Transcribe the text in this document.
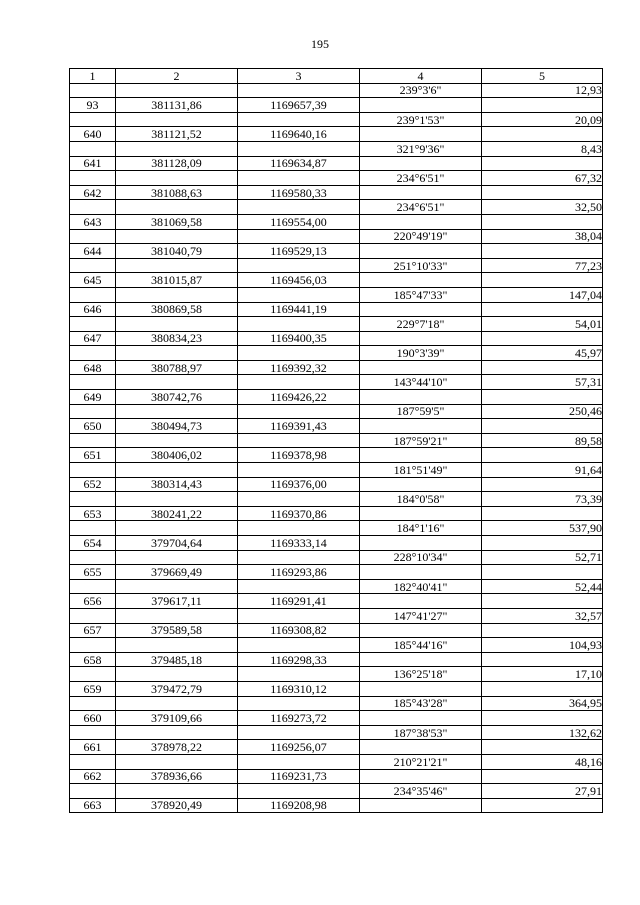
195
1	2	3	4	5
			239°3'6"	12,93
93	381131,86	1169657,39		
			239°1'53"	20,09
640	381121,52	1169640,16		
			321°9'36"	8,43
641	381128,09	1169634,87		
			234°6'51"	67,32
642	381088,63	1169580,33		
			234°6'51"	32,50
643	381069,58	1169554,00		
			220°49'19"	38,04
644	381040,79	1169529,13		
			251°10'33"	77,23
645	381015,87	1169456,03		
			185°47'33"	147,04
646	380869,58	1169441,19		
			229°7'18"	54,01
647	380834,23	1169400,35		
			190°3'39"	45,97
648	380788,97	1169392,32		
			143°44'10"	57,31
649	380742,76	1169426,22		
			187°59'5"	250,46
650	380494,73	1169391,43		
			187°59'21"	89,58
651	380406,02	1169378,98		
			181°51'49"	91,64
652	380314,43	1169376,00		
			184°0'58"	73,39
653	380241,22	1169370,86		
			184°1'16"	537,90
654	379704,64	1169333,14		
			228°10'34"	52,71
655	379669,49	1169293,86		
			182°40'41"	52,44
656	379617,11	1169291,41		
			147°41'27"	32,57
657	379589,58	1169308,82		
			185°44'16"	104,93
658	379485,18	1169298,33		
			136°25'18"	17,10
659	379472,79	1169310,12		
			185°43'28"	364,95
660	379109,66	1169273,72		
			187°38'53"	132,62
661	378978,22	1169256,07		
			210°21'21"	48,16
662	378936,66	1169231,73		
			234°35'46"	27,91
663	378920,49	1169208,98		
